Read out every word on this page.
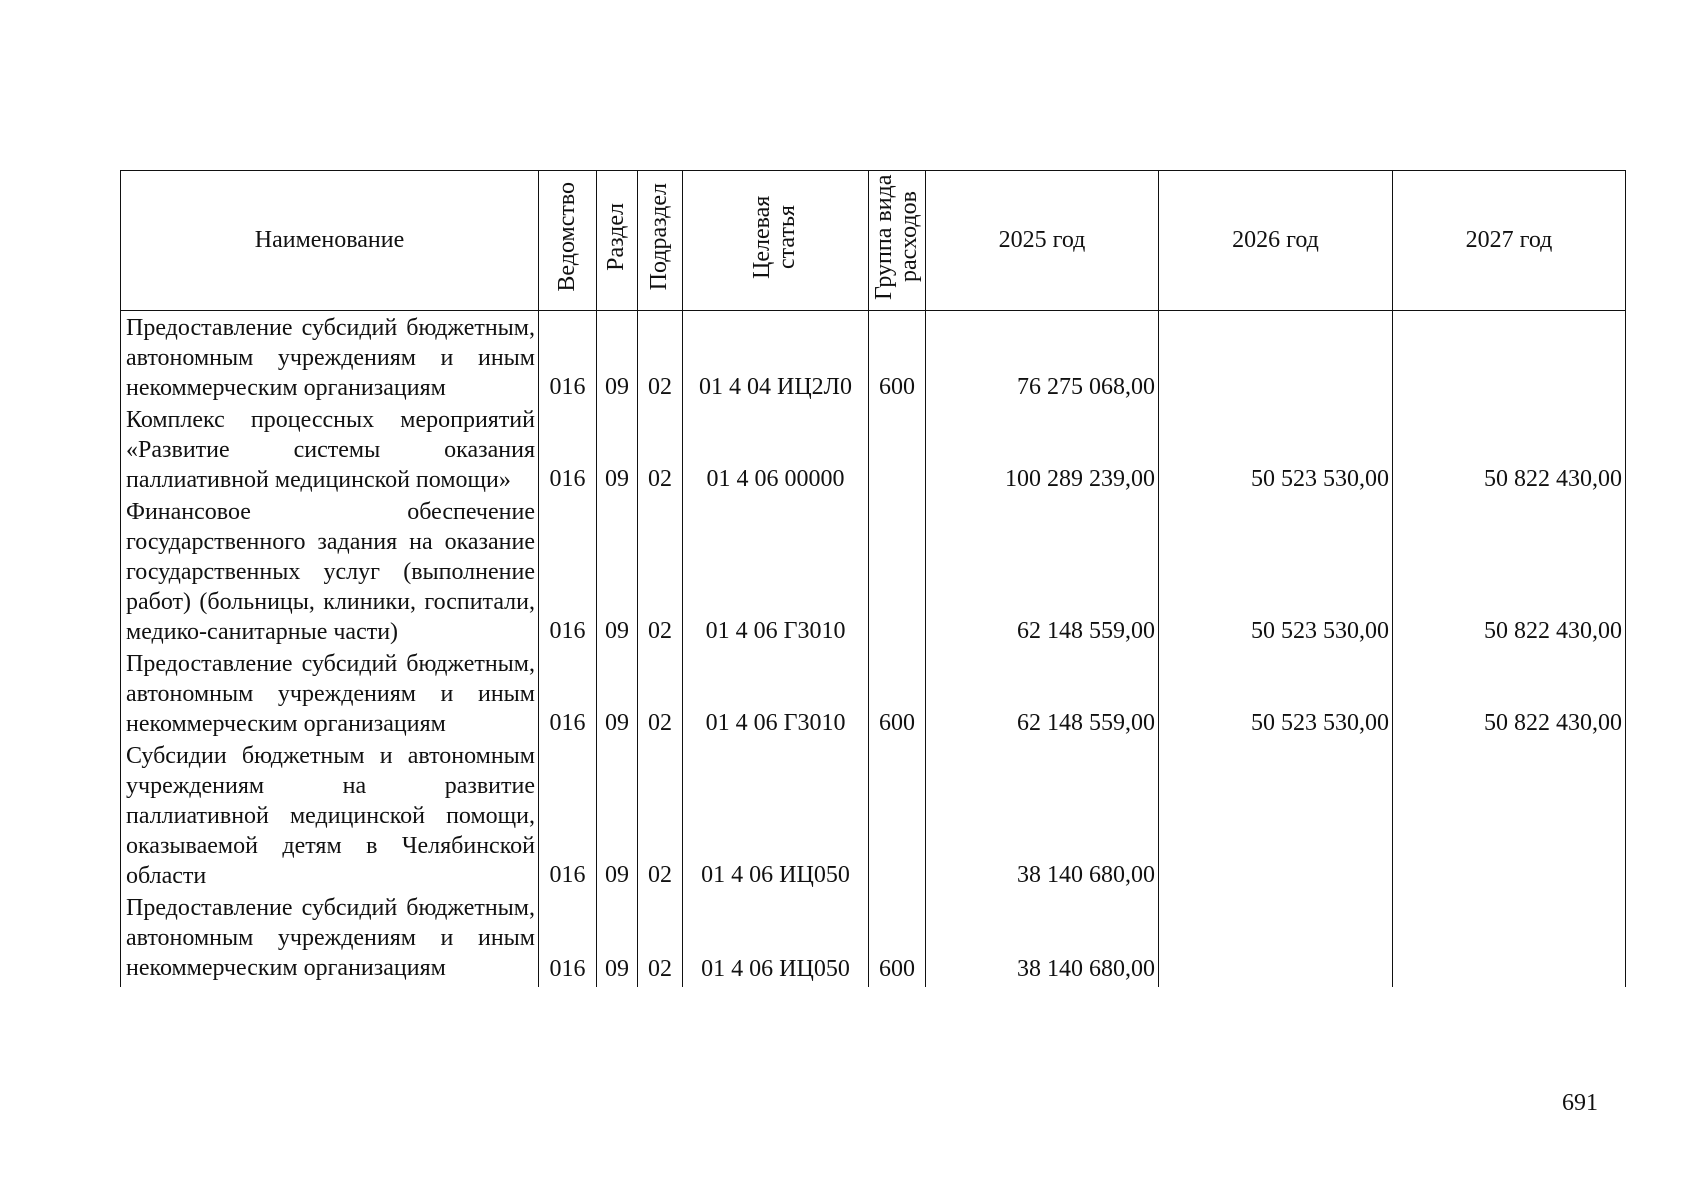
Наименование	Ведомство	Раздел	Подраздел	Целевая статья	Группа вида расходов	2025 год	2026 год	2027 год
Предоставление субсидий бюджетным, автономным учреждениям и иным некоммерческим организациям	016	09	02	01 4 04 ИЦ2Л0	600	76 275 068,00		
Комплекс процессных мероприятий «Развитие системы оказания паллиативной медицинской помощи»	016	09	02	01 4 06 00000		100 289 239,00	50 523 530,00	50 822 430,00
Финансовое обеспечение государственного задания на оказание государственных услуг (выполнение работ) (больницы, клиники, госпитали, медико-санитарные части)	016	09	02	01 4 06 Г3010		62 148 559,00	50 523 530,00	50 822 430,00
Предоставление субсидий бюджетным, автономным учреждениям и иным некоммерческим организациям	016	09	02	01 4 06 Г3010	600	62 148 559,00	50 523 530,00	50 822 430,00
Субсидии бюджетным и автономным учреждениям на развитие паллиативной медицинской помощи, оказываемой детям в Челябинской области	016	09	02	01 4 06 ИЦ050		38 140 680,00		
Предоставление субсидий бюджетным, автономным учреждениям и иным некоммерческим организациям	016	09	02	01 4 06 ИЦ050	600	38 140 680,00		
691
